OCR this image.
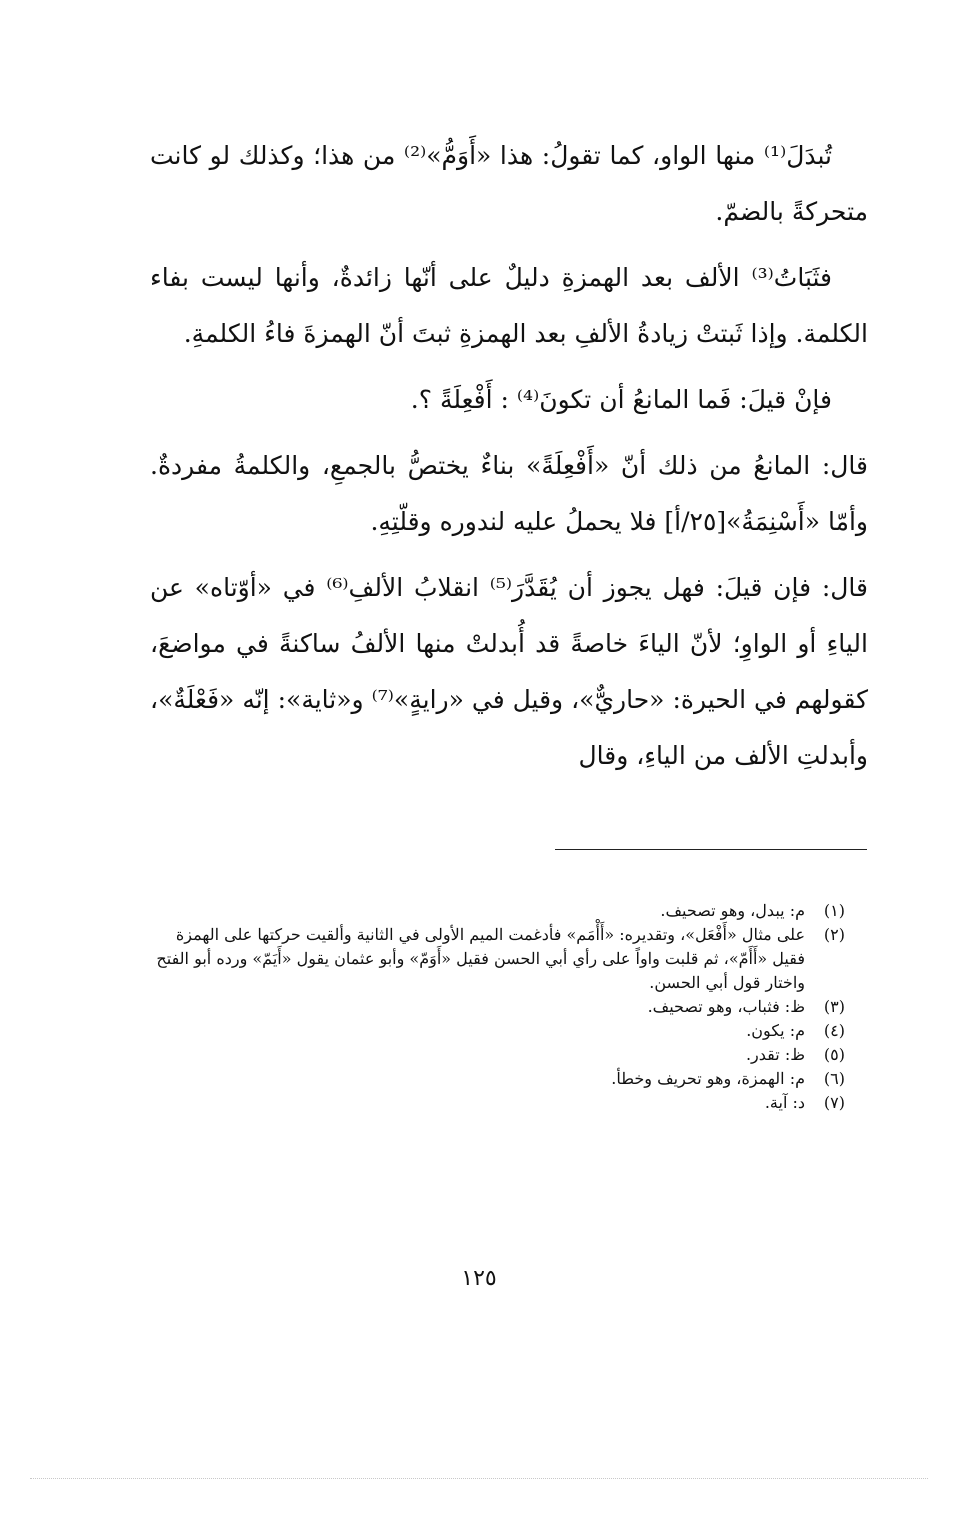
تُبدَلَ⁽¹⁾ منها الواو، كما تقولُ: هذا «أَوَمُّ»⁽²⁾ من هذا؛ وكذلك لو كانت متحركةً بالضمّ.

فثَبَاتُ⁽³⁾ الألف بعد الهمزةِ دليلٌ على أنّها زائدةٌ، وأنها ليست بفاء الكلمة. وإذا ثَبتتْ زيادةُ الألفِ بعد الهمزةِ ثبتَ أنّ الهمزةَ فاءُ الكلمةِ.

فإنْ قيلَ: فَما المانعُ أن تكونَ⁽⁴⁾ : أَفْعِلَةً ؟.

قال: المانعُ من ذلك أنّ «أَفْعِلَةً» بناءٌ يختصُّ بالجمعِ، والكلمةُ مفردةٌ. وأمّا «أَسْنِمَةُ»[٢٥/أ] فلا يحملُ عليه لندوره وقلّتِهِ.

قال: فإن قيلَ: فهل يجوز أن يُقَدَّرَ⁽⁵⁾ انقلابُ الألفِ⁽⁶⁾ في «أوّتاه» عن الياءِ أو الواوِ؛ لأنّ الياءَ خاصةً قد أُبدلتْ منها الألفُ ساكنةً في مواضعَ، كقولهم في الحيرة: «حاريٌّ»، وقيل في «رايةٍ»⁽⁷⁾ و«ثاية»: إنّه «فَعْلَةٌ»، وأبدلتِ الألف من الياءِ، وقال

(١)
م: يبدل، وهو تصحيف.
(٢)
على مثال «أَفْعَل»، وتقديره: «أَأْمَم» فأدغمت الميم الأولى في الثانية وألقيت حركتها على الهمزة فقيل «أَأَمّ»، ثم قلبت واواً على رأي أبي الحسن فقيل «أَوَمّ» وأبو عثمان يقول «أَيَمّ» ورده أبو الفتح واختار قول أبي الحسن.
(٣)
ظ: فثباب، وهو تصحيف.
(٤)
م: يكون.
(٥)
ظ: تقدر.
(٦)
م: الهمزة، وهو تحريف وخطأ.
(٧)
د: آية.
١٢٥
